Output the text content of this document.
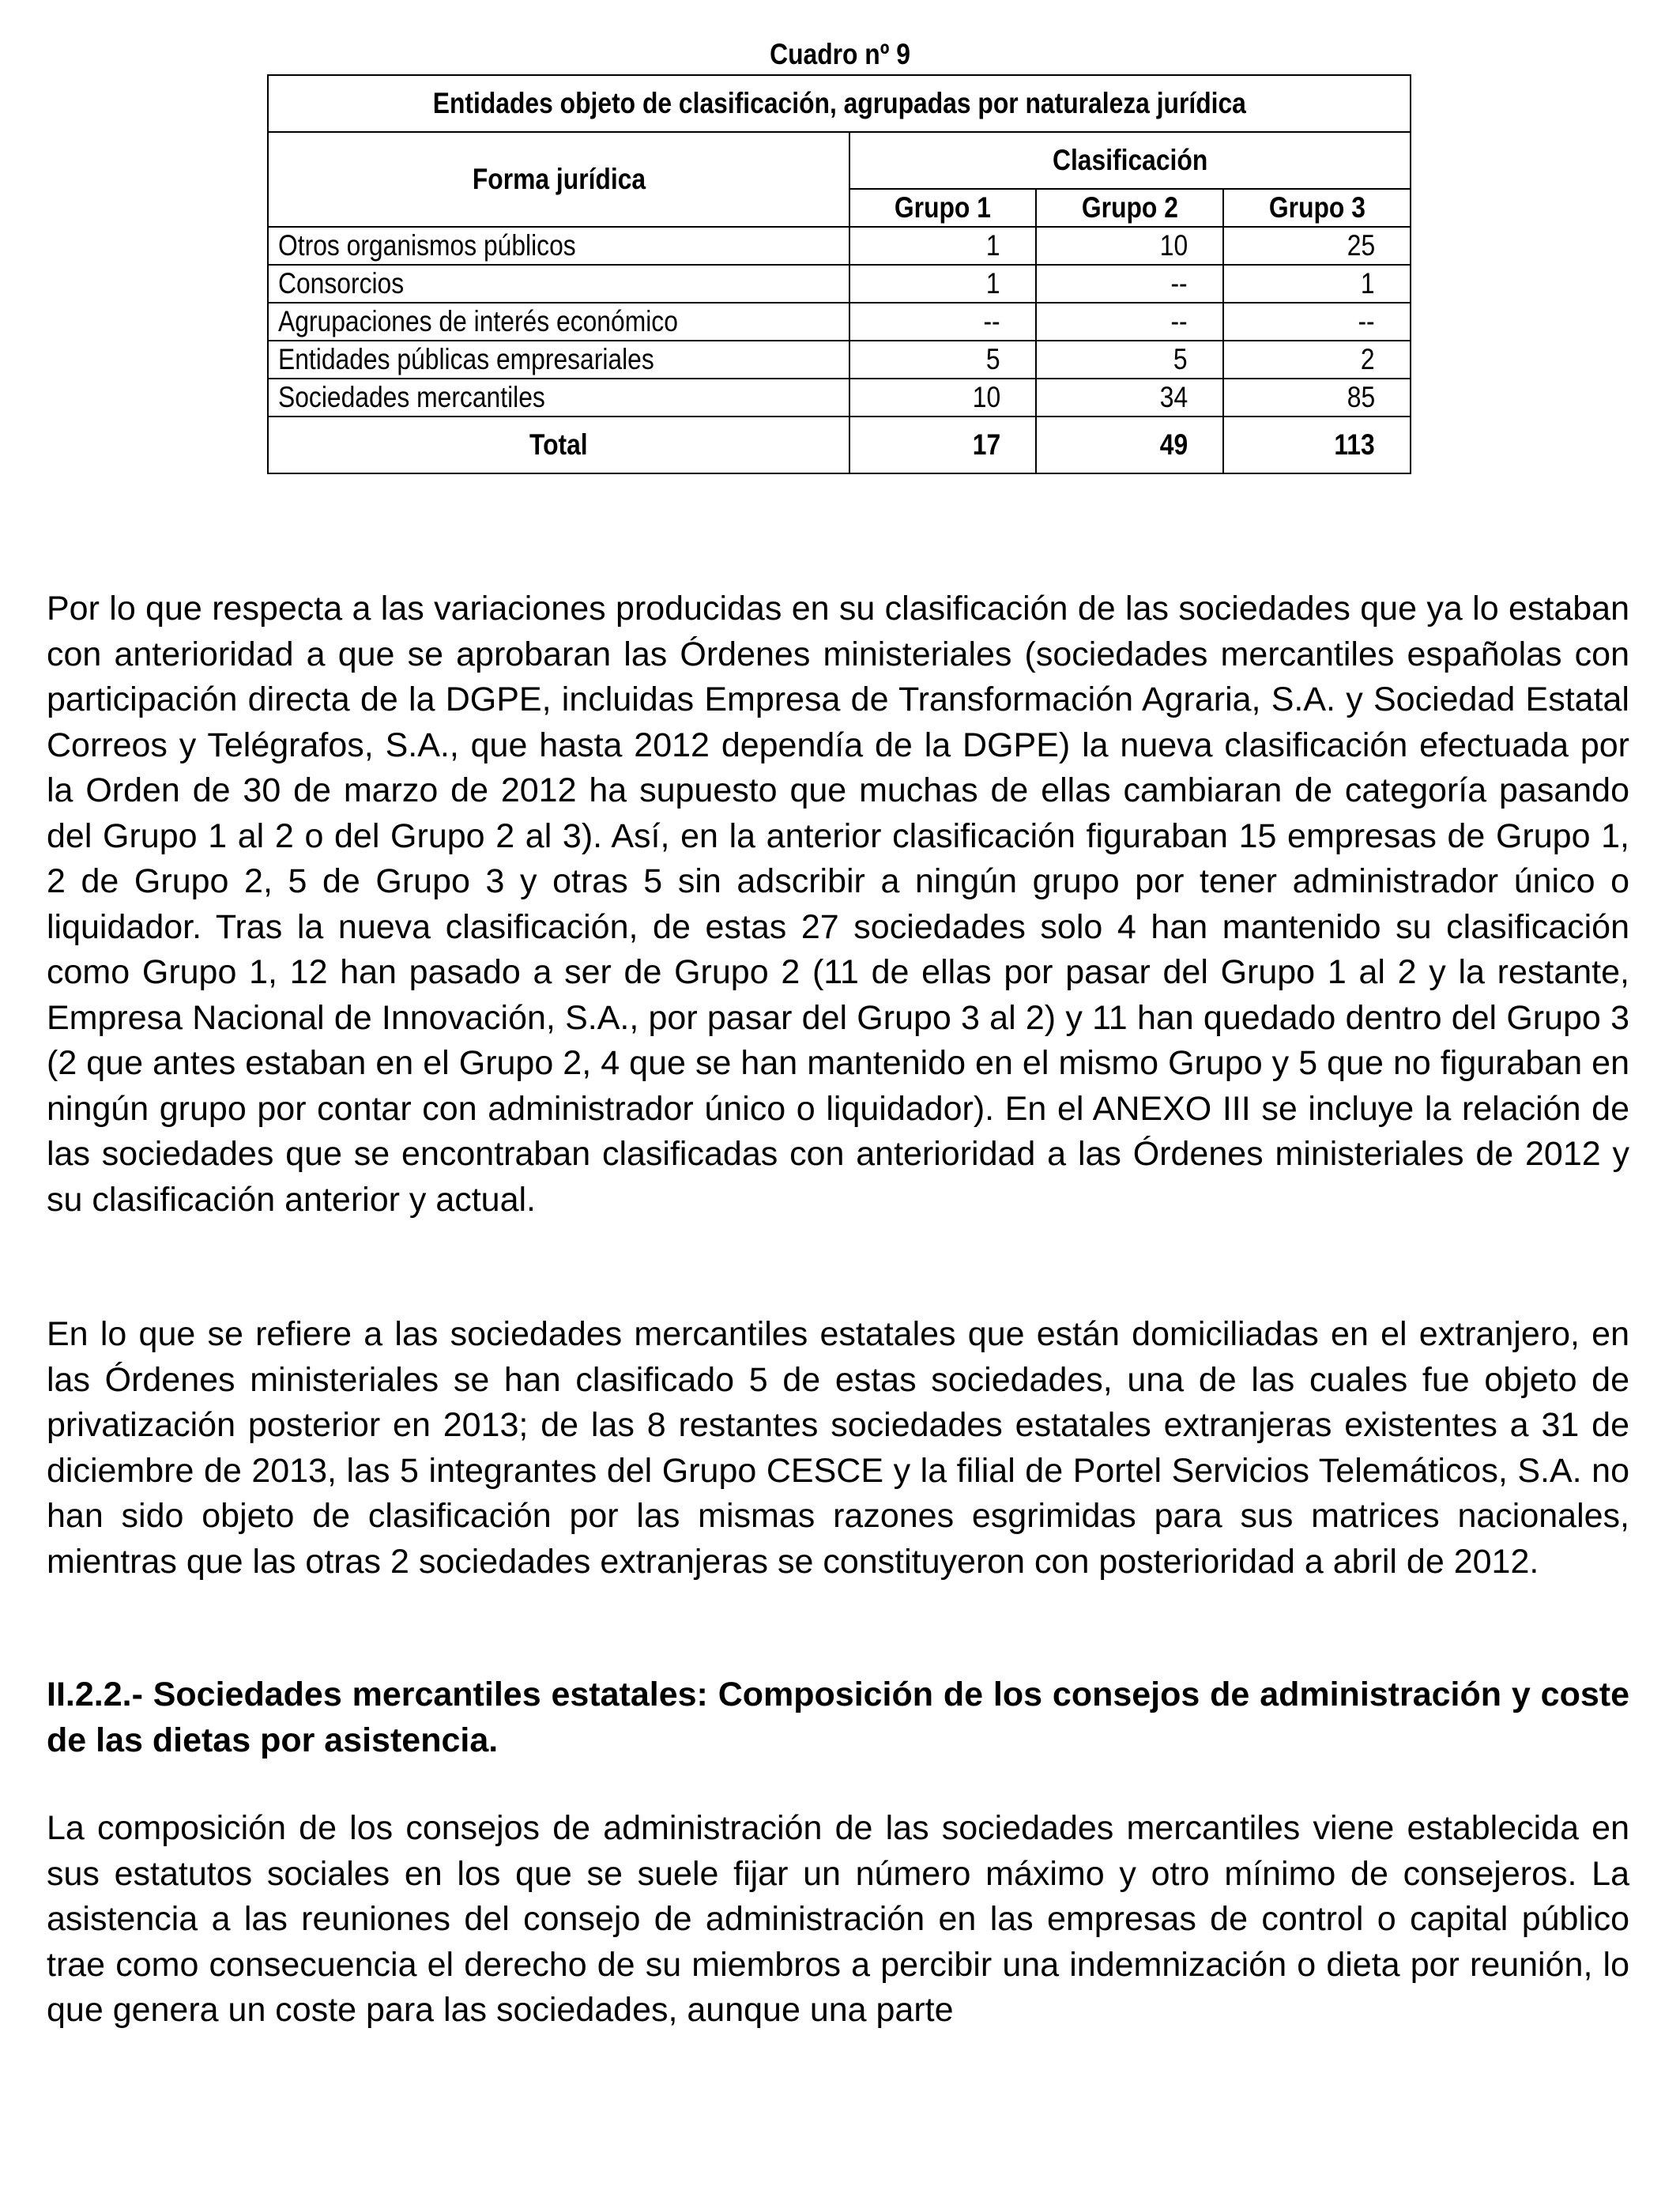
Cuadro nº 9
Entidades objeto de clasificación, agrupadas por naturaleza jurídica			
Forma jurídica	Clasificación		
	Grupo 1	Grupo 2	Grupo 3
Otros organismos públicos	1	10	25
Consorcios	1	--	1
Agrupaciones de interés económico	--	--	--
Entidades públicas empresariales	5	5	2
Sociedades mercantiles	10	34	85
Total	17	49	113
Por lo que respecta a las variaciones producidas en su clasificación de las sociedades que ya lo estaban con anterioridad a que se aprobaran las Órdenes ministeriales (sociedades mercantiles españolas con participación directa de la DGPE, incluidas Empresa de Transformación Agraria, S.A. y Sociedad Estatal Correos y Telégrafos, S.A., que hasta 2012 dependía de la DGPE) la nueva clasificación efectuada por la Orden de 30 de marzo de 2012 ha supuesto que muchas de ellas cambiaran de categoría pasando del Grupo 1 al 2 o del Grupo 2 al 3). Así, en la anterior clasificación figuraban 15 empresas de Grupo 1, 2 de Grupo 2, 5 de Grupo 3 y otras 5 sin adscribir a ningún grupo por tener administrador único o liquidador. Tras la nueva clasificación, de estas 27 sociedades solo 4 han mantenido su clasificación como Grupo 1, 12 han pasado a ser de Grupo 2 (11 de ellas por pasar del Grupo 1 al 2 y la restante, Empresa Nacional de Innovación, S.A., por pasar del Grupo 3 al 2) y 11 han quedado dentro del Grupo 3 (2 que antes estaban en el Grupo 2, 4 que se han mantenido en el mismo Grupo y 5 que no figuraban en ningún grupo por contar con administrador único o liquidador). En el ANEXO III se incluye la relación de las sociedades que se encontraban clasificadas con anterioridad a las Órdenes ministeriales de 2012 y su clasificación anterior y actual.
En lo que se refiere a las sociedades mercantiles estatales que están domiciliadas en el extranjero, en las Órdenes ministeriales se han clasificado 5 de estas sociedades, una de las cuales fue objeto de privatización posterior en 2013; de las 8 restantes sociedades estatales extranjeras existentes a 31 de diciembre de 2013, las 5 integrantes del Grupo CESCE y la filial de Portel Servicios Telemáticos, S.A. no han sido objeto de clasificación por las mismas razones esgrimidas para sus matrices nacionales, mientras que las otras 2 sociedades extranjeras se constituyeron con posterioridad a abril de 2012.
II.2.2.- Sociedades mercantiles estatales: Composición de los consejos de administración y coste de las dietas por asistencia.
La composición de los consejos de administración de las sociedades mercantiles viene establecida en sus estatutos sociales en los que se suele fijar un número máximo y otro mínimo de consejeros. La asistencia a las reuniones del consejo de administración en las empresas de control o capital público trae como consecuencia el derecho de su miembros a percibir una indemnización o dieta por reunión, lo que genera un coste para las sociedades, aunque una parte
